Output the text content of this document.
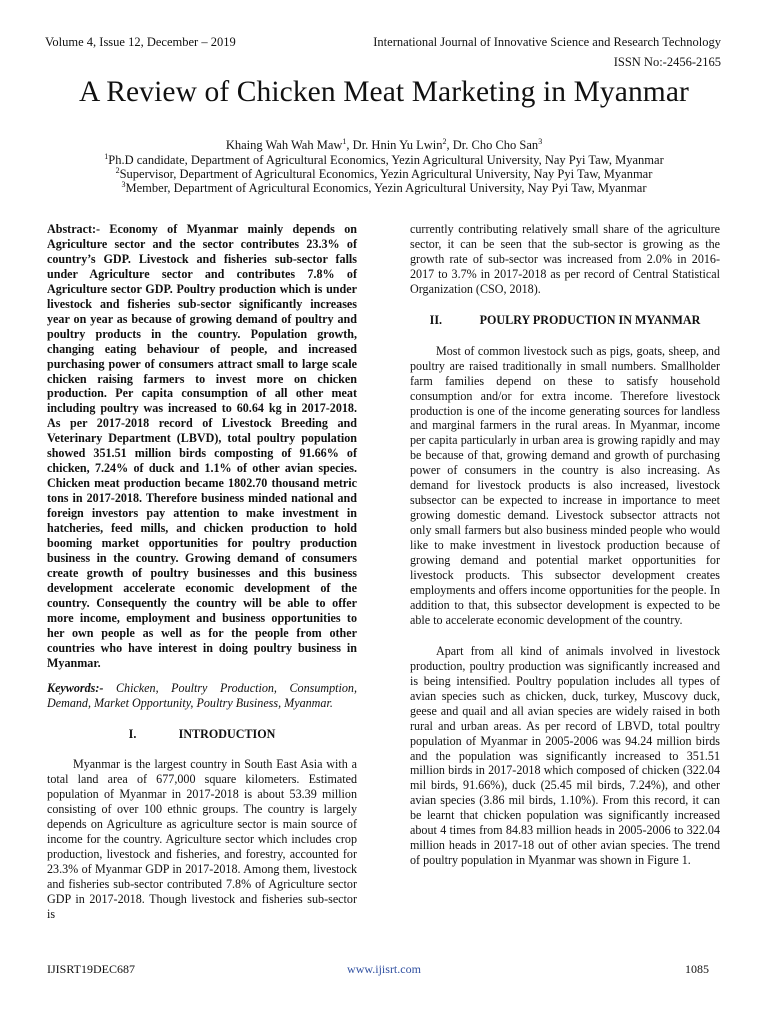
Volume 4, Issue 12, December – 2019	International Journal of Innovative Science and Research Technology
ISSN No:-2456-2165
A Review of Chicken Meat Marketing in Myanmar
Khaing Wah Wah Maw$^1$, Dr. Hnin Yu Lwin$^2$, Dr. Cho Cho San$^3$
$^1$Ph.D candidate, Department of Agricultural Economics, Yezin Agricultural University, Nay Pyi Taw, Myanmar
$^2$Supervisor, Department of Agricultural Economics, Yezin Agricultural University, Nay Pyi Taw, Myanmar
$^3$Member, Department of Agricultural Economics, Yezin Agricultural University, Nay Pyi Taw, Myanmar

Abstract:- Economy of Myanmar mainly depends on Agriculture sector and the sector contributes 23.3% of country’s GDP. Livestock and fisheries sub-sector falls under Agriculture sector and contributes 7.8% of Agriculture sector GDP. Poultry production which is under livestock and fisheries sub-sector significantly increases year on year as because of growing demand of poultry and poultry products in the country. Population growth, changing eating behaviour of people, and increased purchasing power of consumers attract small to large scale chicken raising farmers to invest more on chicken production. Per capita consumption of all other meat including poultry was increased to 60.64 kg in 2017-2018. As per 2017-2018 record of Livestock Breeding and Veterinary Department (LBVD), total poultry population showed 351.51 million birds composting of 91.66% of chicken, 7.24% of duck and 1.1% of other avian species. Chicken meat production became 1802.70 thousand metric tons in 2017-2018. Therefore business minded national and foreign investors pay attention to make investment in hatcheries, feed mills, and chicken production to hold booming market opportunities for poultry production business in the country. Growing demand of consumers create growth of poultry businesses and this business development accelerate economic development of the country. Consequently the country will be able to offer more income, employment and business opportunities to her own people as well as for the people from other countries who have interest in doing poultry business in Myanmar.

Keywords:- Chicken, Poultry Production, Consumption, Demand, Market Opportunity, Poultry Business, Myanmar.

I.	INTRODUCTION

Myanmar is the largest country in South East Asia with a total land area of 677,000 square kilometers. Estimated population of Myanmar in 2017-2018 is about 53.39 million consisting of over 100 ethnic groups. The country is largely depends on Agriculture as agriculture sector is main source of income for the country. Agriculture sector which includes crop production, livestock and fisheries, and forestry, accounted for 23.3% of Myanmar GDP in 2017-2018. Among them, livestock and fisheries sub-sector contributed 7.8% of Agriculture sector GDP in 2017-2018. Though livestock and fisheries sub-sector is

currently contributing relatively small share of the agriculture sector, it can be seen that the sub-sector is growing as the growth rate of sub-sector was increased from 2.0% in 2016-2017 to 3.7% in 2017-2018 as per record of Central Statistical Organization (CSO, 2018).

II.	POULRY PRODUCTION IN MYANMAR

Most of common livestock such as pigs, goats, sheep, and poultry are raised traditionally in small numbers. Smallholder farm families depend on these to satisfy household consumption and/or for extra income. Therefore livestock production is one of the income generating sources for landless and marginal farmers in the rural areas. In Myanmar, income per capita particularly in urban area is growing rapidly and may be because of that, growing demand and growth of purchasing power of consumers in the country is also increasing. As demand for livestock products is also increased, livestock subsector can be expected to increase in importance to meet growing domestic demand. Livestock subsector attracts not only small farmers but also business minded people who would like to make investment in livestock production because of growing demand and potential market opportunities for livestock products. This subsector development creates employments and offers income opportunities for the people. In addition to that, this subsector development is expected to be able to accelerate economic development of the country.

Apart from all kind of animals involved in livestock production, poultry production was significantly increased and is being intensified. Poultry population includes all types of avian species such as chicken, duck, turkey, Muscovy duck, geese and quail and all avian species are widely raised in both rural and urban areas. As per record of LBVD, total poultry population of Myanmar in 2005-2006 was 94.24 million birds and the population was significantly increased to 351.51 million birds in 2017-2018 which composed of chicken (322.04 mil birds, 91.66%), duck (25.45 mil birds, 7.24%), and other avian species (3.86 mil birds, 1.10%). From this record, it can be learnt that chicken population was significantly increased about 4 times from 84.83 million heads in 2005-2006 to 322.04 million heads in 2017-18 out of other avian species. The trend of poultry population in Myanmar was shown in Figure 1.

IJISRT19DEC687	www.ijisrt.com	1085
